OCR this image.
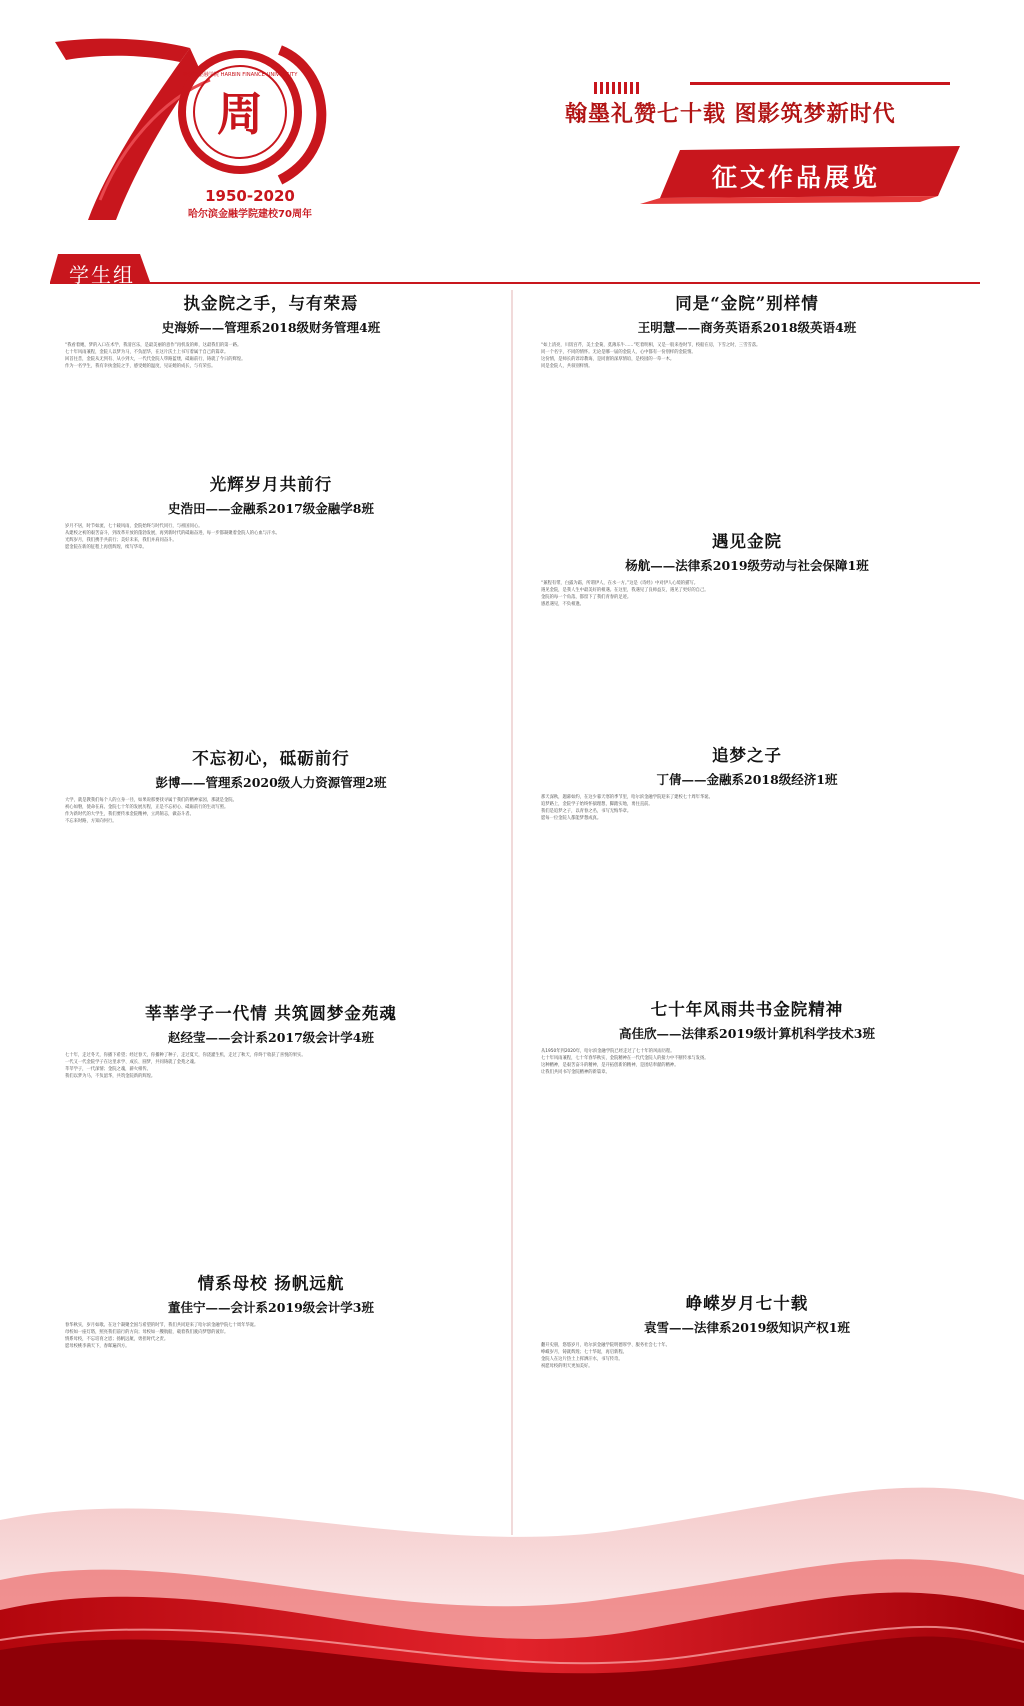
周
哈尔滨金融学院 HARBIN FINANCE UNIVERSITY
1950-2020
哈尔滨金融学院建校70周年
翰墨礼赞七十载 图影筑梦新时代
征文作品展览
学生组
执金院之手，与有荣焉
史海娇——管理系2018级财务管理4班

“我看着她，梦的入口在术学，我清宫乐，是最美丽的意作”再机发的师，这最我们的第一路。

七十年风雨兼程，金院人以梦为马，不负韶华，在这片沃土上书写着属于自己的篇章。

回首往昔，金院从无到有、从小到大，一代代金院人筚路蓝缕，砥砺前行，铸就了今日的辉煌。

作为一名学生，我有幸执金院之手，感受她的温度，见证她的成长，与有荣焉。

光辉岁月共前行
史浩田——金融系2017级金融学8班

岁月不居，时节如流，七十载风雨，金院始终与时代同行，与祖国同心。

从建校之初的艰苦奋斗，到改革开放的蓬勃发展，再到新时代的砥砺奋进，每一步都凝聚着金院人的心血与汗水。

光辉岁月，我们携手共前行；美好未来，我们并肩同奋斗。

愿金院在新的征程上再创辉煌，续写华章。

不忘初心，砥砺前行
彭博——管理系2020级人力资源管理2班

大学，就是教我们每个人的立身一径，如果说那要找寻属于我们的精神家园，那就是金院。

初心如磐，使命在肩。金院七十年的发展历程，正是不忘初心、砥砺前行的生动写照。

作为新时代的大学生，我们要传承金院精神，立鸿鹄志，做奋斗者。

不忘来时路，方知向何行。

莘莘学子一代情 共筑圆梦金苑魂
赵经莹——会计系2017级会计学4班

七十年，走过冬天，你播下希望；经过春天，你播种了种子，走过夏天，你浇灌生机，走过了秋天，你终于收获了喜悦的果实。

一代又一代金院学子在这里求学、成长、圆梦，共同铸就了金苑之魂。

莘莘学子，一代深情；金院之魂，薪火相传。

我们以梦为马，不负韶华，共筑金院新的辉煌。

情系母校 扬帆远航
董佳宁——会计系2019级会计学3班

春华秋实，岁月如歌。在这个凝聚全国与希望的时节，我们共同迎来了哈尔滨金融学院七十周年华诞。

母校如一座灯塔，照亮我们前行的方向；母校如一艘航船，载着我们驶向梦想的彼岸。

情系母校，不忘培育之恩；扬帆远航，勇担时代之责。

愿母校桃李满天下，春晖遍四方。

同是“金院”别样情
王明慧——商务英语系2018级英语4班

“如上清亮，川饭宫芹，美土金菊，莫薄乐牛……”吃着明相，又是一般来卷时节，校船在房，下雪之时，三雪雪落。

同一个名字，不同的情怀。无论是哪一届的金院人，心中都有一份别样的金院情。

这份情，是师长的谆谆教诲，是同窗的深厚情谊，是校园的一草一木。

同是金院人，共叙别样情。

遇见金院
杨航——法律系2019级劳动与社会保障1班

“兼程有带，白露为霜，所谓伊人，在水一方。”这是《诗经》中对伊人心境的描写。

遇见金院，是我人生中最美好的相遇。在这里，我遇见了良师益友，遇见了更好的自己。

金院的每一个角落，都留下了我们青春的足迹。

感恩遇见，不负相逢。

追梦之子
丁倩——金融系2018级经济1班

那天深秋，题幕如约，在这少暮天寒的季节里，哈尔滨金融学院迎来了建校七十周年华诞。

追梦路上，金院学子始终怀揣理想，脚踏实地，勇往直前。

我们是追梦之子，以青春之名，书写无悔华章。

愿每一位金院人都能梦想成真。

七十年风雨共书金院精神
高佳欣——法律系2019级计算机科学技术3班

从1950年到2020年，哈尔滨金融学院已经走过了七十年的风雨历程。

七十年风雨兼程，七十年春华秋实，金院精神在一代代金院人的接力中不断传承与发扬。

这种精神，是艰苦奋斗的精神，是开拓创新的精神，是团结奉献的精神。

让我们共同书写金院精神的新篇章。

峥嵘岁月七十载
袁雪——法律系2019级知识产权1班

翻开史册，悠悠岁月，哈尔滨金融学院明德厚学、服务社会七十年。

峥嵘岁月，铸就辉煌；七十华诞，再启新程。

金院人在这片热土上挥洒汗水，书写传奇。

祝愿母校的明天更加美好。
